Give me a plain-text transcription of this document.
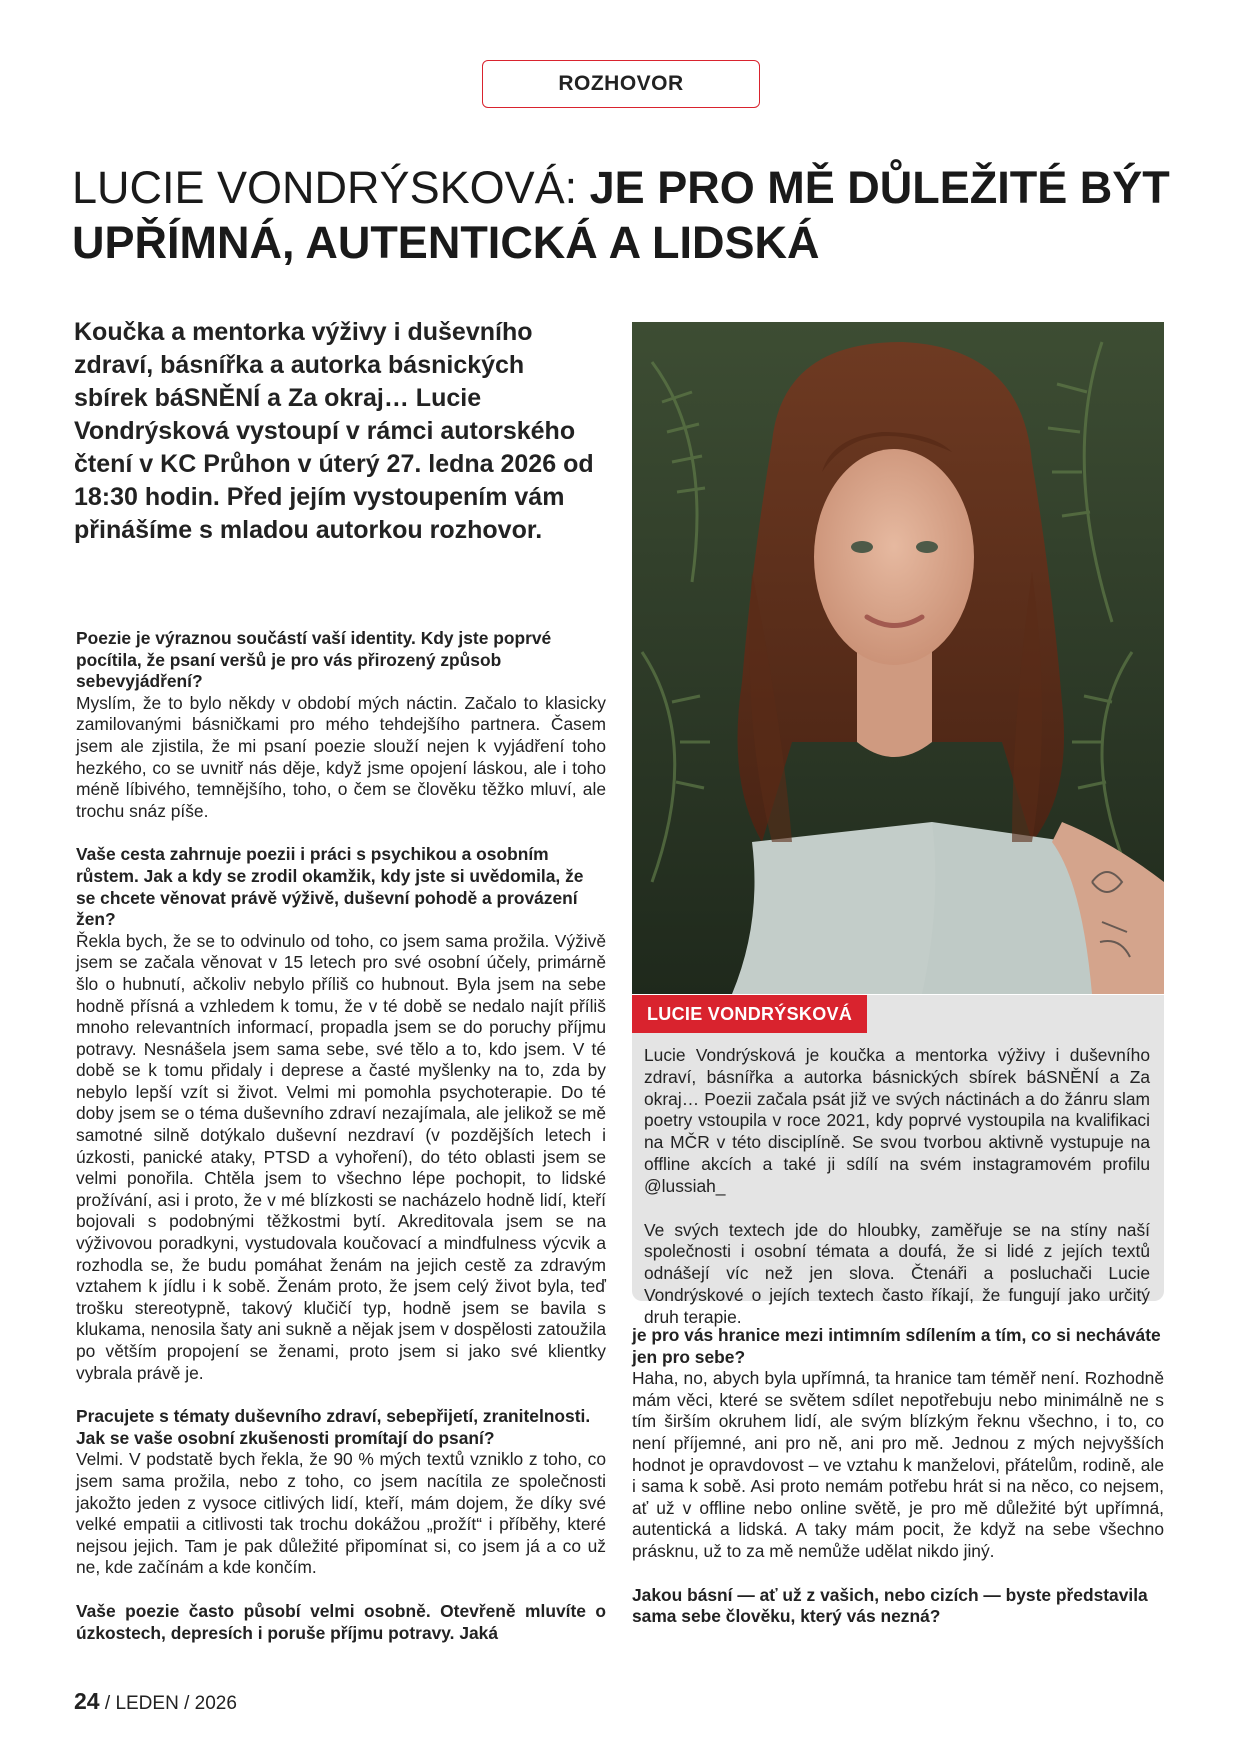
ROZHOVOR
LUCIE VONDRÝSKOVÁ: JE PRO MĚ DŮLEŽITÉ BÝT UPŘÍMNÁ, AUTENTICKÁ A LIDSKÁ

Koučka a mentorka výživy i duševního zdraví, básnířka a autorka básnických sbírek báSNĚNÍ a Za okraj… Lucie Vondrýsková vystoupí v rámci autorského čtení v KC Průhon v úterý 27. ledna 2026 od 18:30 hodin. Před jejím vystoupením vám přinášíme s mladou autorkou rozhovor.

Poezie je výraznou součástí vaší identity. Kdy jste poprvé pocítila, že psaní veršů je pro vás přirozený způsob sebevyjádření?

Myslím, že to bylo někdy v období mých náctin. Začalo to klasicky zamilovanými básničkami pro mého tehdejšího partnera. Časem jsem ale zjistila, že mi psaní poezie slouží nejen k vyjádření toho hezkého, co se uvnitř nás děje, když jsme opojení láskou, ale i toho méně líbivého, temnějšího, toho, o čem se člověku těžko mluví, ale trochu snáz píše.

Vaše cesta zahrnuje poezii i práci s psychikou a osobním růstem. Jak a kdy se zrodil okamžik, kdy jste si uvědomila, že se chcete věnovat právě výživě, duševní pohodě a provázení žen?

Řekla bych, že se to odvinulo od toho, co jsem sama prožila. Výživě jsem se začala věnovat v 15 letech pro své osobní účely, primárně šlo o hubnutí, ačkoliv nebylo příliš co hubnout. Byla jsem na sebe hodně přísná a vzhledem k tomu, že v té době se nedalo najít příliš mnoho relevantních informací, propadla jsem se do poruchy příjmu potravy. Nesnášela jsem sama sebe, své tělo a to, kdo jsem. V té době se k tomu přidaly i deprese a časté myšlenky na to, zda by nebylo lepší vzít si život. Velmi mi pomohla psychoterapie. Do té doby jsem se o téma duševního zdraví nezajímala, ale jelikož se mě samotné silně dotýkalo duševní nezdraví (v pozdějších letech i úzkosti, panické ataky, PTSD a vyhoření), do této oblasti jsem se velmi ponořila. Chtěla jsem to všechno lépe pochopit, to lidské prožívání, asi i proto, že v mé blízkosti se nacházelo hodně lidí, kteří bojovali s podobnými těžkostmi bytí. Akreditovala jsem se na výživovou poradkyni, vystudovala koučovací a mindfulness výcvik a rozhodla se, že budu pomáhat ženám na jejich cestě za zdravým vztahem k jídlu i k sobě. Ženám proto, že jsem celý život byla, teď trošku stereotypně, takový klučičí typ, hodně jsem se bavila s klukama, nenosila šaty ani sukně a nějak jsem v dospělosti zatoužila po větším propojení se ženami, proto jsem si jako své klientky vybrala právě je.

Pracujete s tématy duševního zdraví, sebepřijetí, zranitelnosti. Jak se vaše osobní zkušenosti promítají do psaní?

Velmi. V podstatě bych řekla, že 90 % mých textů vzniklo z toho, co jsem sama prožila, nebo z toho, co jsem nacítila ze společnosti jakožto jeden z vysoce citlivých lidí, kteří, mám dojem, že díky své velké empatii a citlivosti tak trochu dokážou „prožít“ i příběhy, které nejsou jejich. Tam je pak důležité připomínat si, co jsem já a co už ne, kde začínám a kde končím.

Vaše poezie často působí velmi osobně. Otevřeně mluvíte o úzkostech, depresích i poruše příjmu potravy. Jaká

LUCIE VONDRÝSKOVÁ

Lucie Vondrýsková je koučka a mentorka výživy i duševního zdraví, básnířka a autorka básnických sbírek báSNĚNÍ a Za okraj… Poezii začala psát již ve svých náctinách a do žánru slam poetry vstoupila v roce 2021, kdy poprvé vystoupila na kvalifikaci na MČR v této disciplíně. Se svou tvorbou aktivně vystupuje na offline akcích a také ji sdílí na svém instagramovém profilu @lussiah_

Ve svých textech jde do hloubky, zaměřuje se na stíny naší společnosti i osobní témata a doufá, že si lidé z jejích textů odnášejí víc než jen slova. Čtenáři a posluchači Lucie Vondrýskové o jejích textech často říkají, že fungují jako určitý druh terapie.

je pro vás hranice mezi intimním sdílením a tím, co si necháváte jen pro sebe?

Haha, no, abych byla upřímná, ta hranice tam téměř není. Rozhodně mám věci, které se světem sdílet nepotřebuju nebo minimálně ne s tím širším okruhem lidí, ale svým blízkým řeknu všechno, i to, co není příjemné, ani pro ně, ani pro mě. Jednou z mých nejvyšších hodnot je opravdovost – ve vztahu k manželovi, přátelům, rodině, ale i sama k sobě. Asi proto nemám potřebu hrát si na něco, co nejsem, ať už v offline nebo online světě, je pro mě důležité být upřímná, autentická a lidská. A taky mám pocit, že když na sebe všechno prásknu, už to za mě nemůže udělat nikdo jiný.

Jakou básní — ať už z vašich, nebo cizích — byste představila sama sebe člověku, který vás nezná?

24 / LEDEN / 2026
